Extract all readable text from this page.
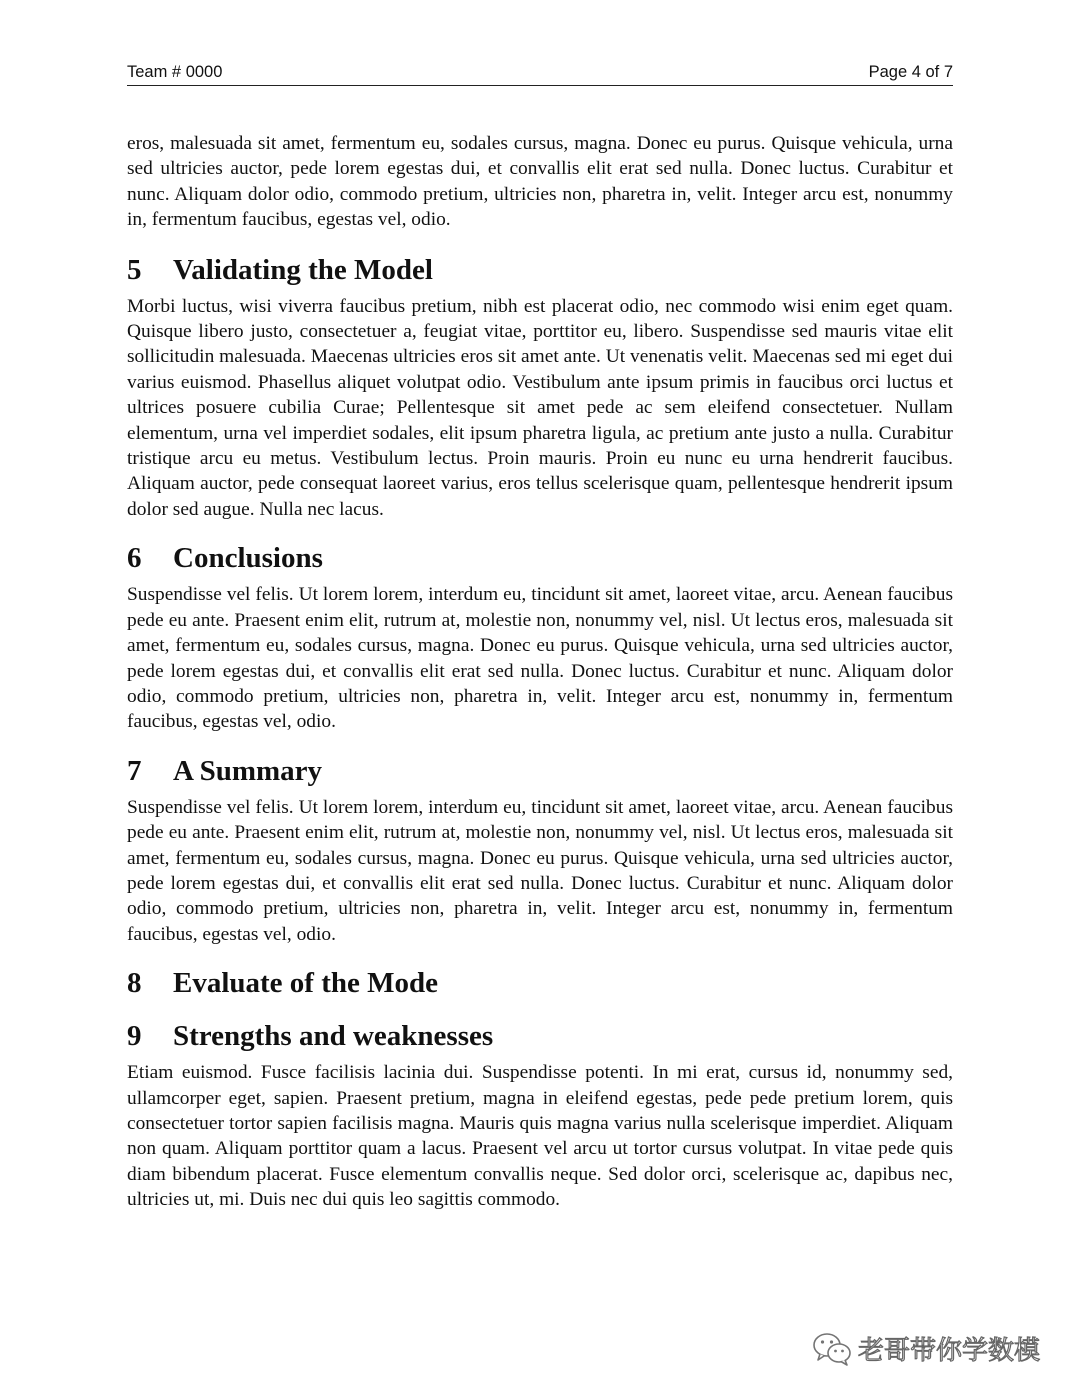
Team # 0000	Page 4 of 7

eros, malesuada sit amet, fermentum eu, sodales cursus, magna. Donec eu purus. Quisque vehicula, urna sed ultricies auctor, pede lorem egestas dui, et convallis elit erat sed nulla. Donec luctus. Curabitur et nunc. Aliquam dolor odio, commodo pretium, ultricies non, pharetra in, velit. Integer arcu est, nonummy in, fermentum faucibus, egestas vel, odio.

5	Validating the Model

Morbi luctus, wisi viverra faucibus pretium, nibh est placerat odio, nec commodo wisi enim eget quam. Quisque libero justo, consectetuer a, feugiat vitae, porttitor eu, libero. Suspendisse sed mauris vitae elit sollicitudin malesuada. Maecenas ultricies eros sit amet ante. Ut venenatis velit. Maecenas sed mi eget dui varius euismod. Phasellus aliquet volutpat odio. Vestibulum ante ipsum primis in faucibus orci luctus et ultrices posuere cubilia Curae; Pellentesque sit amet pede ac sem eleifend consectetuer. Nullam elementum, urna vel imperdiet sodales, elit ipsum pharetra ligula, ac pretium ante justo a nulla. Curabitur tristique arcu eu metus. Vestibulum lectus. Proin mauris. Proin eu nunc eu urna hendrerit faucibus. Aliquam auctor, pede consequat laoreet varius, eros tellus scelerisque quam, pellentesque hendrerit ipsum dolor sed augue. Nulla nec lacus.

6	Conclusions

Suspendisse vel felis. Ut lorem lorem, interdum eu, tincidunt sit amet, laoreet vitae, arcu. Aenean faucibus pede eu ante. Praesent enim elit, rutrum at, molestie non, nonummy vel, nisl. Ut lectus eros, malesuada sit amet, fermentum eu, sodales cursus, magna. Donec eu purus. Quisque vehicula, urna sed ultricies auctor, pede lorem egestas dui, et convallis elit erat sed nulla. Donec luctus. Curabitur et nunc. Aliquam dolor odio, commodo pretium, ultricies non, pharetra in, velit. Integer arcu est, nonummy in, fermentum faucibus, egestas vel, odio.

7	A Summary

Suspendisse vel felis. Ut lorem lorem, interdum eu, tincidunt sit amet, laoreet vitae, arcu. Aenean faucibus pede eu ante. Praesent enim elit, rutrum at, molestie non, nonummy vel, nisl. Ut lectus eros, malesuada sit amet, fermentum eu, sodales cursus, magna. Donec eu purus. Quisque vehicula, urna sed ultricies auctor, pede lorem egestas dui, et convallis elit erat sed nulla. Donec luctus. Curabitur et nunc. Aliquam dolor odio, commodo pretium, ultricies non, pharetra in, velit. Integer arcu est, nonummy in, fermentum faucibus, egestas vel, odio.

8	Evaluate of the Mode
9	Strengths and weaknesses

Etiam euismod. Fusce facilisis lacinia dui. Suspendisse potenti. In mi erat, cursus id, nonummy sed, ullamcorper eget, sapien. Praesent pretium, magna in eleifend egestas, pede pede pretium lorem, quis consectetuer tortor sapien facilisis magna. Mauris quis magna varius nulla scelerisque imperdiet. Aliquam non quam. Aliquam porttitor quam a lacus. Praesent vel arcu ut tortor cursus volutpat. In vitae pede quis diam bibendum placerat. Fusce elementum convallis neque. Sed dolor orci, scelerisque ac, dapibus nec, ultricies ut, mi. Duis nec dui quis leo sagittis commodo.

老哥带你学数模
